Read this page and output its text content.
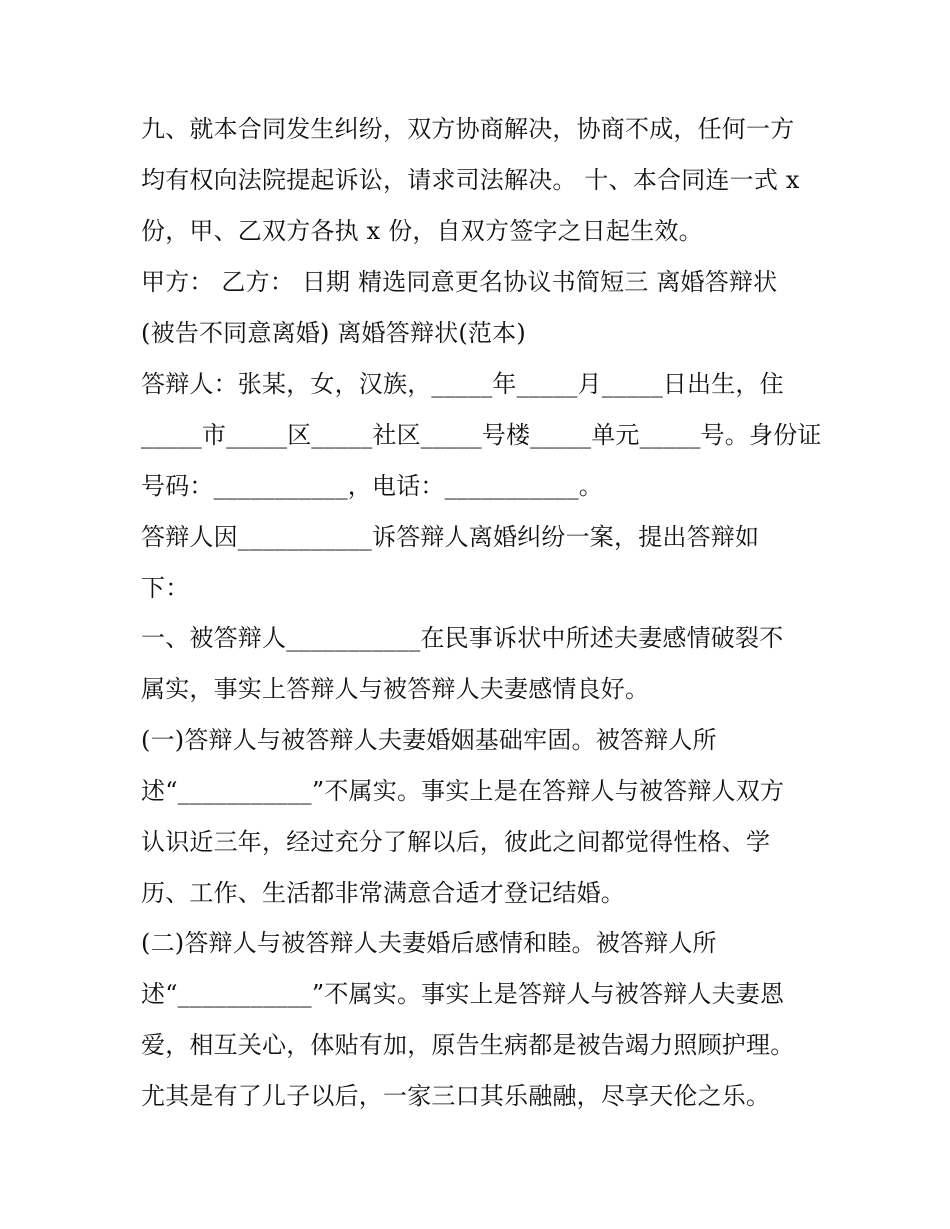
九、就本合同发生纠纷，双方协商解决，协商不成，任何一方
均有权向法院提起诉讼，请求司法解决。 十、本合同连一式 x
份，甲、乙双方各执 x 份，自双方签字之日起生效。
甲方： 乙方： 日期 精选同意更名协议书简短三 离婚答辩状
(被告不同意离婚) 离婚答辩状(范本)
答辩人：张某，女，汉族，_____年_____月_____日出生，住
_____市_____区_____社区_____号楼_____单元_____号。身份证
号码：___________，电话：___________。
答辩人因___________诉答辩人离婚纠纷一案，提出答辩如
下：
一、被答辩人___________在民事诉状中所述夫妻感情破裂不
属实，事实上答辩人与被答辩人夫妻感情良好。
(一)答辩人与被答辩人夫妻婚姻基础牢固。被答辩人所
述“___________”不属实。事实上是在答辩人与被答辩人双方
认识近三年，经过充分了解以后，彼此之间都觉得性格、学
历、工作、生活都非常满意合适才登记结婚。
(二)答辩人与被答辩人夫妻婚后感情和睦。被答辩人所
述“___________”不属实。事实上是答辩人与被答辩人夫妻恩
爱，相互关心，体贴有加，原告生病都是被告竭力照顾护理。
尤其是有了儿子以后，一家三口其乐融融，尽享天伦之乐。
